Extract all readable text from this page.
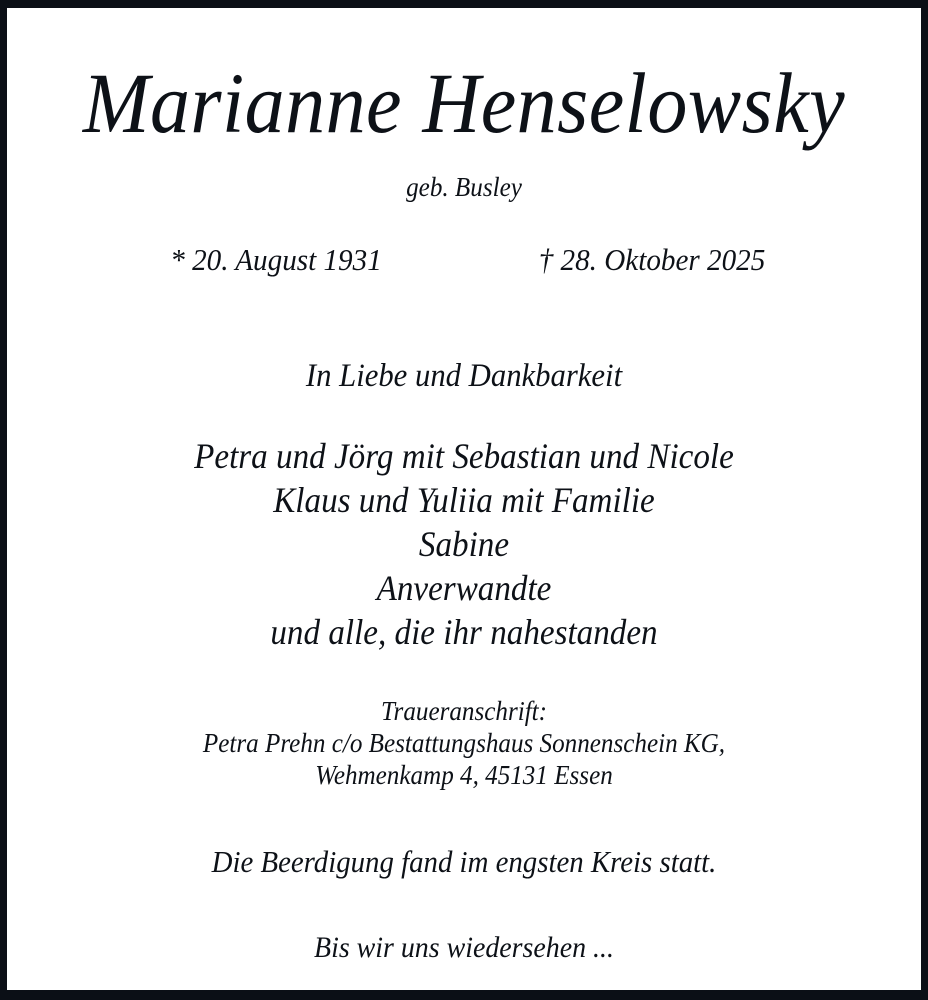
Marianne Henselowsky
geb. Busley
* 20. August 1931	† 28. Oktober 2025
In Liebe und Dankbarkeit
Petra und Jörg mit Sebastian und Nicole
Klaus und Yuliia mit Familie
Sabine
Anverwandte
und alle, die ihr nahestanden
Traueranschrift:
Petra Prehn c/o Bestattungshaus Sonnenschein KG,
Wehmenkamp 4, 45131 Essen
Die Beerdigung fand im engsten Kreis statt.
Bis wir uns wiedersehen ...
